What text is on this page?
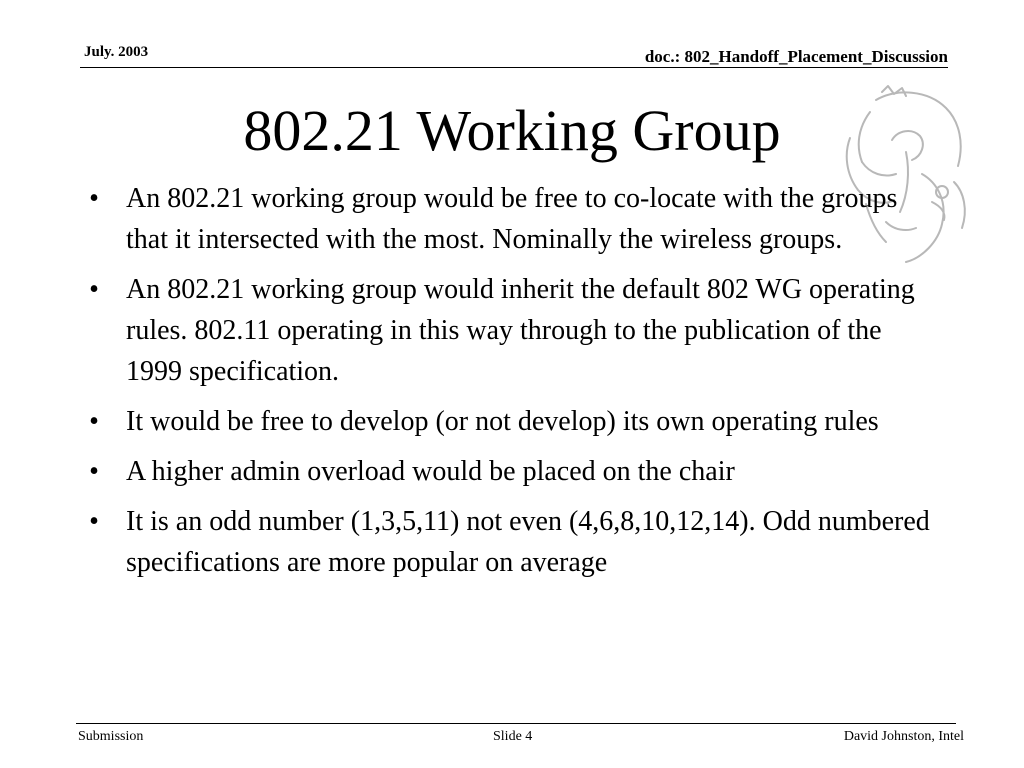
July. 2003	doc.: 802_Handoff_Placement_Discussion
802.21 Working Group
• An 802.21 working group would be free to co-locate with the groups that it intersected with the most. Nominally the wireless groups.
• An 802.21 working group would inherit the default 802 WG operating rules. 802.11 operating in this way through to the publication of the 1999 specification.
• It would be free to develop (or not develop) its own operating rules
• A higher admin overload would be placed on the chair
• It is an odd number (1,3,5,11) not even (4,6,8,10,12,14). Odd numbered specifications are more popular on average
Submission	Slide 4	David Johnston, Intel
